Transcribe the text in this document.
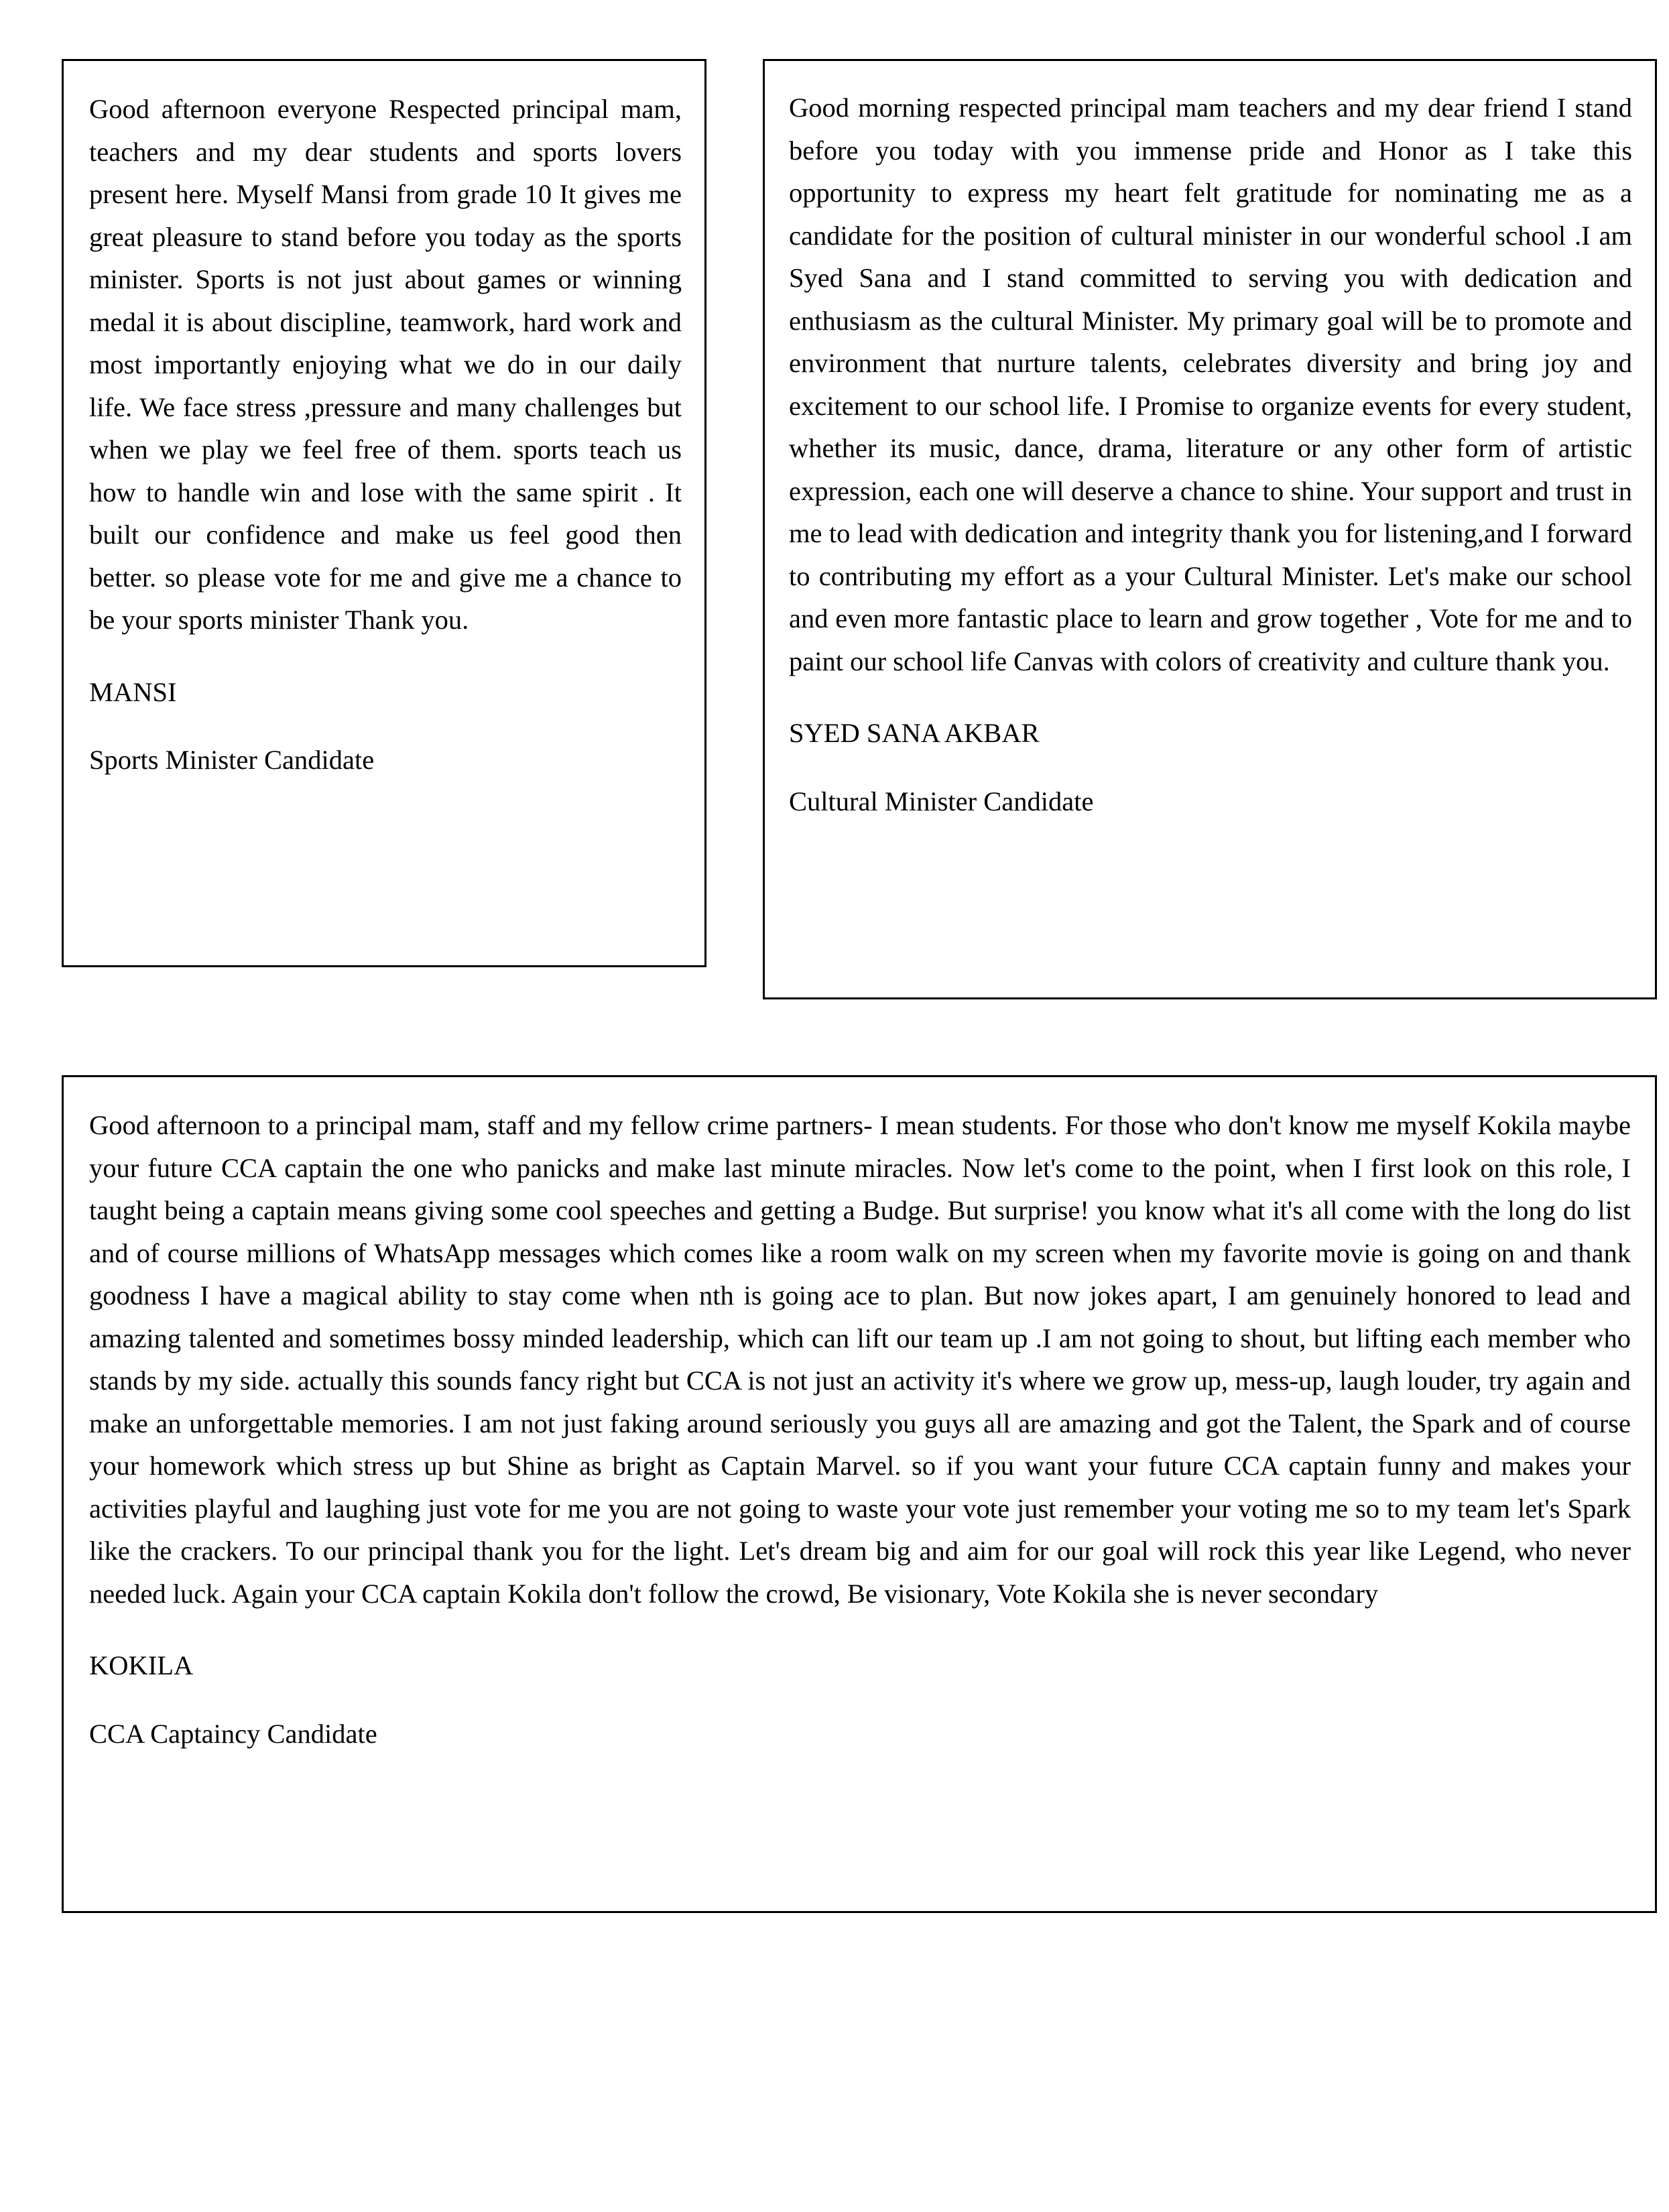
Good afternoon everyone Respected principal mam, teachers and my dear students and sports lovers present here. Myself Mansi from grade 10 It gives me great pleasure to stand before you today as the sports minister. Sports is not just about games or winning medal it is about discipline, teamwork, hard work and most importantly enjoying what we do in our daily life. We face stress ,pressure and many challenges but when we play we feel free of them. sports teach us how to handle win and lose with the same spirit . It built our confidence and make us feel good then better. so please vote for me and give me a chance to be your sports minister Thank you.

MANSI

Sports Minister Candidate

Good morning respected principal mam teachers and my dear friend I stand before you today with you immense pride and Honor as I take this opportunity to express my heart felt gratitude for nominating me as a candidate for the position of cultural minister in our wonderful school .I am Syed Sana and I stand committed to serving you with dedication and enthusiasm as the cultural Minister. My primary goal will be to promote and environment that nurture talents, celebrates diversity and bring joy and excitement to our school life. I Promise to organize events for every student, whether its music, dance, drama, literature or any other form of artistic expression, each one will deserve a chance to shine. Your support and trust in me to lead with dedication and integrity thank you for listening,and I forward to contributing my effort as a your Cultural Minister. Let's make our school and even more fantastic place to learn and grow together , Vote for me and to paint our school life Canvas with colors of creativity and culture thank you.

SYED SANA AKBAR

Cultural Minister Candidate

Good afternoon to a principal mam, staff and my fellow crime partners- I mean students. For those who don't know me myself Kokila maybe your future CCA captain the one who panicks and make last minute miracles. Now let's come to the point, when I first look on this role, I taught being a captain means giving some cool speeches and getting a Budge. But surprise! you know what it's all come with the long do list and of course millions of WhatsApp messages which comes like a room walk on my screen when my favorite movie is going on and thank goodness I have a magical ability to stay come when nth is going ace to plan. But now jokes apart, I am genuinely honored to lead and amazing talented and sometimes bossy minded leadership, which can lift our team up .I am not going to shout, but lifting each member who stands by my side. actually this sounds fancy right but CCA is not just an activity it's where we grow up, mess-up, laugh louder, try again and make an unforgettable memories. I am not just faking around seriously you guys all are amazing and got the Talent, the Spark and of course your homework which stress up but Shine as bright as Captain Marvel. so if you want your future CCA captain funny and makes your activities playful and laughing just vote for me you are not going to waste your vote just remember your voting me so to my team let's Spark like the crackers. To our principal thank you for the light. Let's dream big and aim for our goal will rock this year like Legend, who never needed luck. Again your CCA captain Kokila don't follow the crowd, Be visionary, Vote Kokila she is never secondary

KOKILA

CCA Captaincy Candidate
